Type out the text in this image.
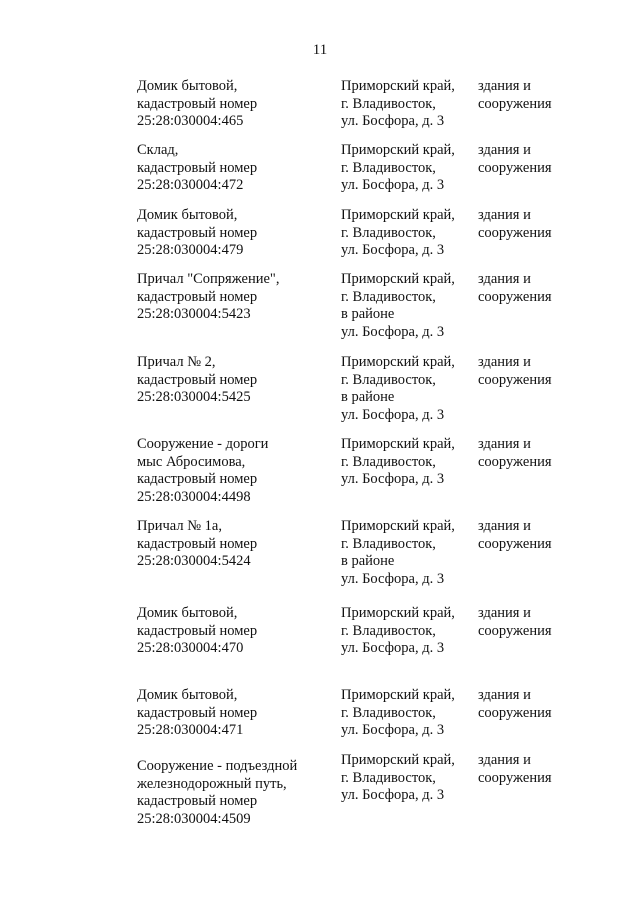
11
Домик бытовой,
кадастровый номер
25:28:030004:465
Приморский край,
г. Владивосток,
ул. Босфора, д. 3
здания и
сооружения
Склад,
кадастровый номер
25:28:030004:472
Приморский край,
г. Владивосток,
ул. Босфора, д. 3
здания и
сооружения
Домик бытовой,
кадастровый номер
25:28:030004:479
Приморский край,
г. Владивосток,
ул. Босфора, д. 3
здания и
сооружения
Причал "Сопряжение",
кадастровый номер
25:28:030004:5423
Приморский край,
г. Владивосток,
в районе
ул. Босфора, д. 3
здания и
сооружения
Причал № 2,
кадастровый номер
25:28:030004:5425
Приморский край,
г. Владивосток,
в районе
ул. Босфора, д. 3
здания и
сооружения
Сооружение - дороги
мыс Абросимова,
кадастровый номер
25:28:030004:4498
Приморский край,
г. Владивосток,
ул. Босфора, д. 3
здания и
сооружения
Причал № 1а,
кадастровый номер
25:28:030004:5424
Приморский край,
г. Владивосток,
в районе
ул. Босфора, д. 3
здания и
сооружения
Домик бытовой,
кадастровый номер
25:28:030004:470
Приморский край,
г. Владивосток,
ул. Босфора, д. 3
здания и
сооружения
Домик бытовой,
кадастровый номер
25:28:030004:471
Приморский край,
г. Владивосток,
ул. Босфора, д. 3
здания и
сооружения
Сооружение - подъездной
железнодорожный путь,
кадастровый номер
25:28:030004:4509
Приморский край,
г. Владивосток,
ул. Босфора, д. 3
здания и
сооружения
